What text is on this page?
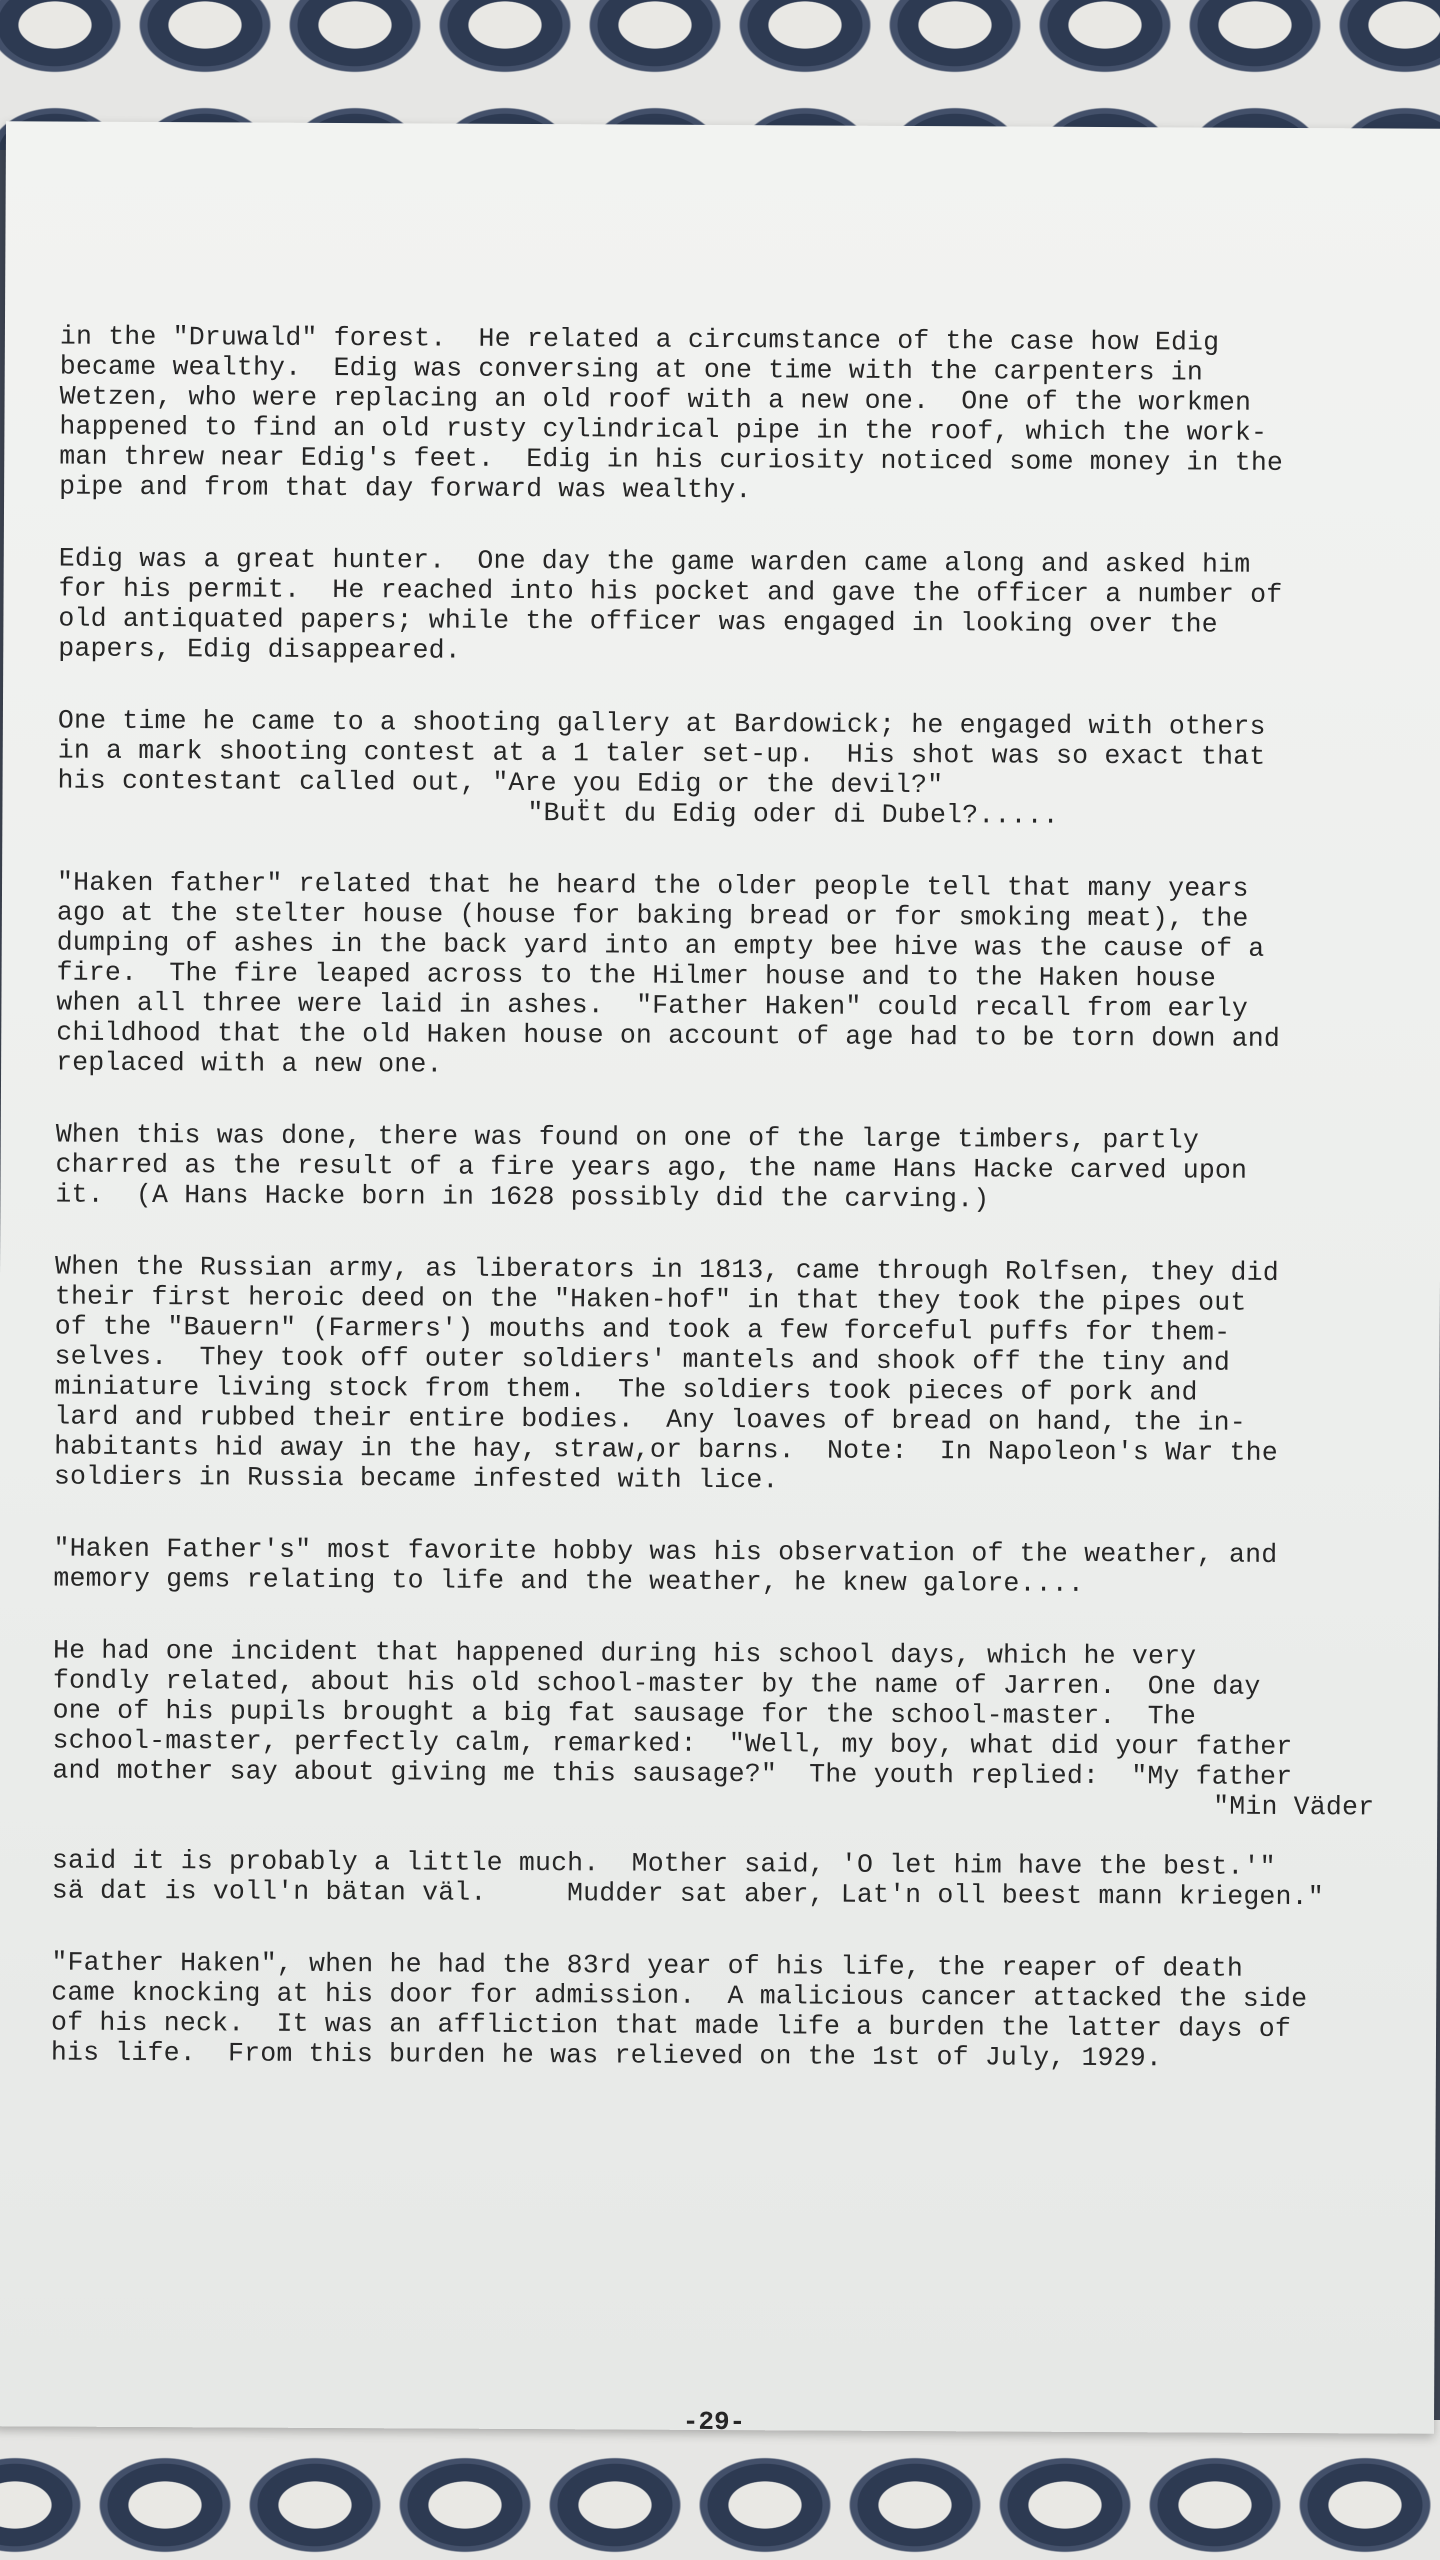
in the "Druwald" forest.  He related a circumstance of the case how Edig
became wealthy.  Edig was conversing at one time with the carpenters in
Wetzen, who were replacing an old roof with a new one.  One of the workmen
happened to find an old rusty cylindrical pipe in the roof, which the work-
man threw near Edig's feet.  Edig in his curiosity noticed some money in the
pipe and from that day forward was wealthy.
Edig was a great hunter.  One day the game warden came along and asked him
for his permit.  He reached into his pocket and gave the officer a number of
old antiquated papers; while the officer was engaged in looking over the
papers, Edig disappeared.
One time he came to a shooting gallery at Bardowick; he engaged with others
in a mark shooting contest at a 1 taler set-up.  His shot was so exact that
his contestant called out, "Are you Edig or the devil?"
"Buẗt du Edig oder di Dubel?.....
"Haken father" related that he heard the older people tell that many years
ago at the stelter house (house for baking bread or for smoking meat), the
dumping of ashes in the back yard into an empty bee hive was the cause of a
fire.  The fire leaped across to the Hilmer house and to the Haken house
when all three were laid in ashes.  "Father Haken" could recall from early
childhood that the old Haken house on account of age had to be torn down and
replaced with a new one.
When this was done, there was found on one of the large timbers, partly
charred as the result of a fire years ago, the name Hans Hacke carved upon
it.  (A Hans Hacke born in 1628 possibly did the carving.)
When the Russian army, as liberators in 1813, came through Rolfsen, they did
their first heroic deed on the "Haken-hof" in that they took the pipes out
of the "Bauern" (Farmers') mouths and took a few forceful puffs for them-
selves.  They took off outer soldiers' mantels and shook off the tiny and
miniature living stock from them.  The soldiers took pieces of pork and
lard and rubbed their entire bodies.  Any loaves of bread on hand, the in-
habitants hid away in the hay, straw,or barns.  Note:  In Napoleon's War the
soldiers in Russia became infested with lice.
"Haken Father's" most favorite hobby was his observation of the weather, and
memory gems relating to life and the weather, he knew galore....
He had one incident that happened during his school days, which he very
fondly related, about his old school-master by the name of Jarren.  One day
one of his pupils brought a big fat sausage for the school-master.  The
school-master, perfectly calm, remarked:  "Well, my boy, what did your father
and mother say about giving me this sausage?"  The youth replied:  "My father
"Min Väder
said it is probably a little much.  Mother said, 'O let him have the best.'"
sä dat is voll'n bätan väl.     Mudder sat aber, Lat'n oll beest mann kriegen."
"Father Haken", when he had the 83rd year of his life, the reaper of death
came knocking at his door for admission.  A malicious cancer attacked the side
of his neck.  It was an affliction that made life a burden the latter days of
his life.  From this burden he was relieved on the 1st of July, 1929.
-29-
